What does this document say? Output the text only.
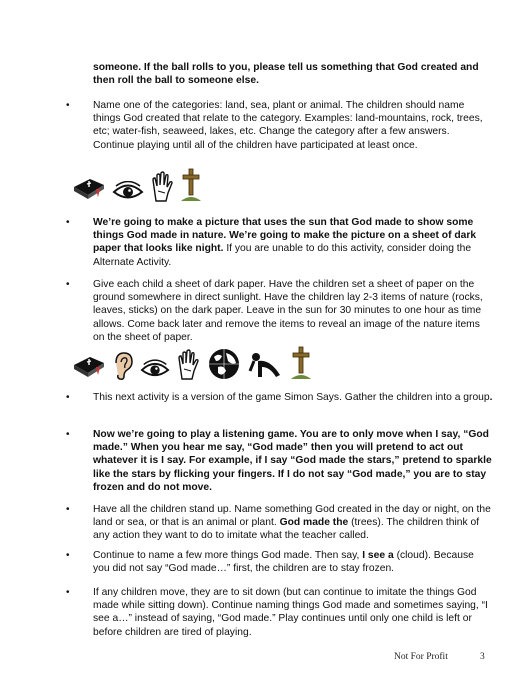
someone. If the ball rolls to you, please tell us something that God created and then roll the ball to someone else.
• Name one of the categories: land, sea, plant or animal. The children should name things God created that relate to the category. Examples: land-mountains, rock, trees, etc; water-fish, seaweed, lakes, etc. Change the category after a few answers. Continue playing until all of the children have participated at least once.
• We’re going to make a picture that uses the sun that God made to show some things God made in nature. We’re going to make the picture on a sheet of dark paper that looks like night. If you are unable to do this activity, consider doing the Alternate Activity.
• Give each child a sheet of dark paper. Have the children set a sheet of paper on the ground somewhere in direct sunlight. Have the children lay 2-3 items of nature (rocks, leaves, sticks) on the dark paper. Leave in the sun for 30 minutes to one hour as time allows. Come back later and remove the items to reveal an image of the nature items on the sheet of paper.
• This next activity is a version of the game Simon Says. Gather the children into a group.
• Now we’re going to play a listening game. You are to only move when I say, “God made.” When you hear me say, “God made” then you will pretend to act out whatever it is I say. For example, if I say “God made the stars,” pretend to sparkle like the stars by flicking your fingers. If I do not say “God made,” you are to stay frozen and do not move.
• Have all the children stand up. Name something God created in the day or night, on the land or sea, or that is an animal or plant. God made the (trees). The children think of any action they want to do to imitate what the teacher called.
• Continue to name a few more things God made. Then say, I see a (cloud). Because you did not say “God made…” first, the children are to stay frozen.
• If any children move, they are to sit down (but can continue to imitate the things God made while sitting down). Continue naming things God made and sometimes saying, “I see a…” instead of saying, “God made.” Play continues until only one child is left or before children are tired of playing.
Not For Profit	3
